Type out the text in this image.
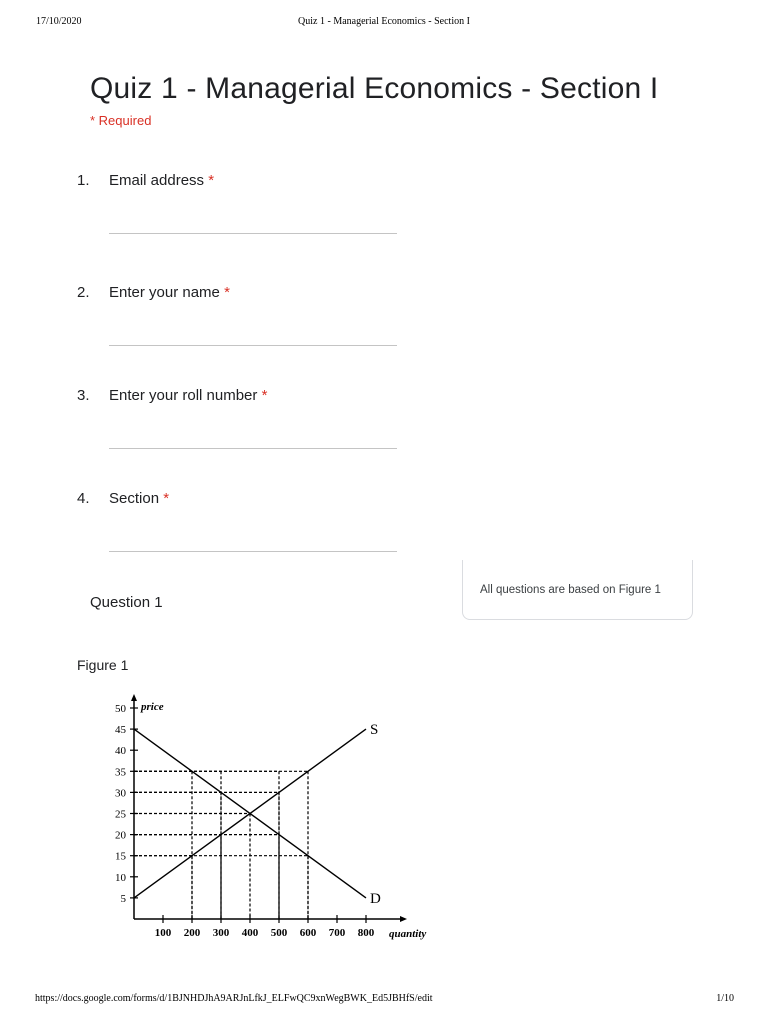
17/10/2020	Quiz 1 - Managerial Economics - Section I
Quiz 1 - Managerial Economics - Section I
* Required
1. Email address *
2. Enter your name *
3. Enter your roll number *
4. Section *
Question 1
All questions are based on Figure 1
Figure 1
5
10
15
20
25
30
35
40
45
50
100 200 300 400 500 600 700 800
S
D
price
quantity
https://docs.google.com/forms/d/1BJNHDJhA9ARJnLfkJ_ELFwQC9xnWegBWK_Ed5JBHfS/edit	1/10
